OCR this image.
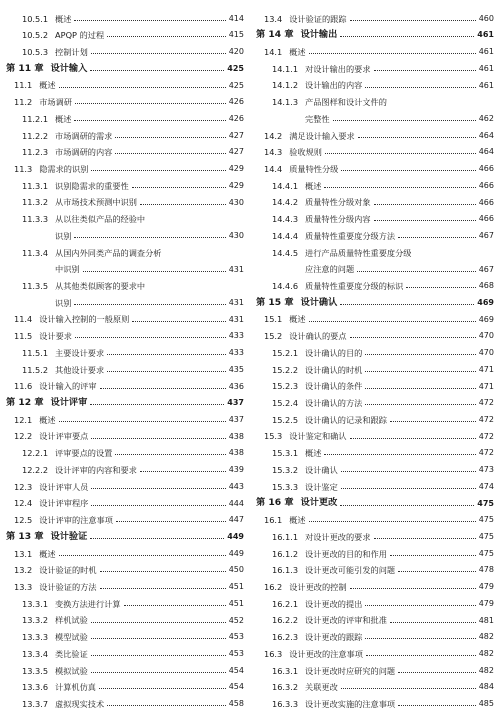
10.5.1 概述	414
10.5.2 APQP 的过程	415
10.5.3 控制计划	420
第 11 章 设计输入	425
11.1 概述	425
11.2 市场调研	426
11.2.1 概述	426
11.2.2 市场调研的需求	427
11.2.3 市场调研的内容	427
11.3 隐需求的识别	429
11.3.1 识别隐需求的重要性	429
11.3.2 从市场技术预测中识别	430
11.3.3 从以往类似产品的经验中
识别	430
11.3.4 从国内外同类产品的调查分析
中识别	431
11.3.5 从其他类似顾客的要求中
识别	431
11.4 设计输入控制的一般原则	431
11.5 设计要求	433
11.5.1 主要设计要求	433
11.5.2 其他设计要求	435
11.6 设计输入的评审	436
第 12 章 设计评审	437
12.1 概述	437
12.2 设计评审要点	438
12.2.1 评审要点的设置	438
12.2.2 设计评审的内容和要求	439
12.3 设计评审人员	443
12.4 设计评审程序	444
12.5 设计评审的注意事项	447
第 13 章 设计验证	449
13.1 概述	449
13.2 设计验证的时机	450
13.3 设计验证的方法	451
13.3.1 变换方法进行计算	451
13.3.2 样机试验	452
13.3.3 模型试验	453
13.3.4 类比验证	453
13.3.5 模拟试验	454
13.3.6 计算机仿真	454
13.3.7 虚拟现实技术	458
13.4 设计验证的跟踪	460
第 14 章 设计输出	461
14.1 概述	461
14.1.1 对设计输出的要求	461
14.1.2 设计输出的内容	461
14.1.3 产品图样和设计文件的
完整性	462
14.2 满足设计输入要求	464
14.3 验收规则	464
14.4 质量特性分级	466
14.4.1 概述	466
14.4.2 质量特性分级对象	466
14.4.3 质量特性分级内容	466
14.4.4 质量特性重要度分级方法	467
14.4.5 进行产品质量特性重要度分级
应注意的问题	467
14.4.6 质量特性重要度分级的标识	468
第 15 章 设计确认	469
15.1 概述	469
15.2 设计确认的要点	470
15.2.1 设计确认的目的	470
15.2.2 设计确认的时机	471
15.2.3 设计确认的条件	471
15.2.4 设计确认的方法	472
15.2.5 设计确认的记录和跟踪	472
15.3 设计鉴定和确认	472
15.3.1 概述	472
15.3.2 设计确认	473
15.3.3 设计鉴定	474
第 16 章 设计更改	475
16.1 概述	475
16.1.1 对设计更改的要求	475
16.1.2 设计更改的目的和作用	475
16.1.3 设计更改可能引发的问题	478
16.2 设计更改的控制	479
16.2.1 设计更改的提出	479
16.2.2 设计更改的评审和批准	481
16.2.3 设计更改的跟踪	482
16.3 设计更改的注意事项	482
16.3.1 设计更改时应研究的问题	482
16.3.2 关联更改	484
16.3.3 设计更改实施的注意事项	485
